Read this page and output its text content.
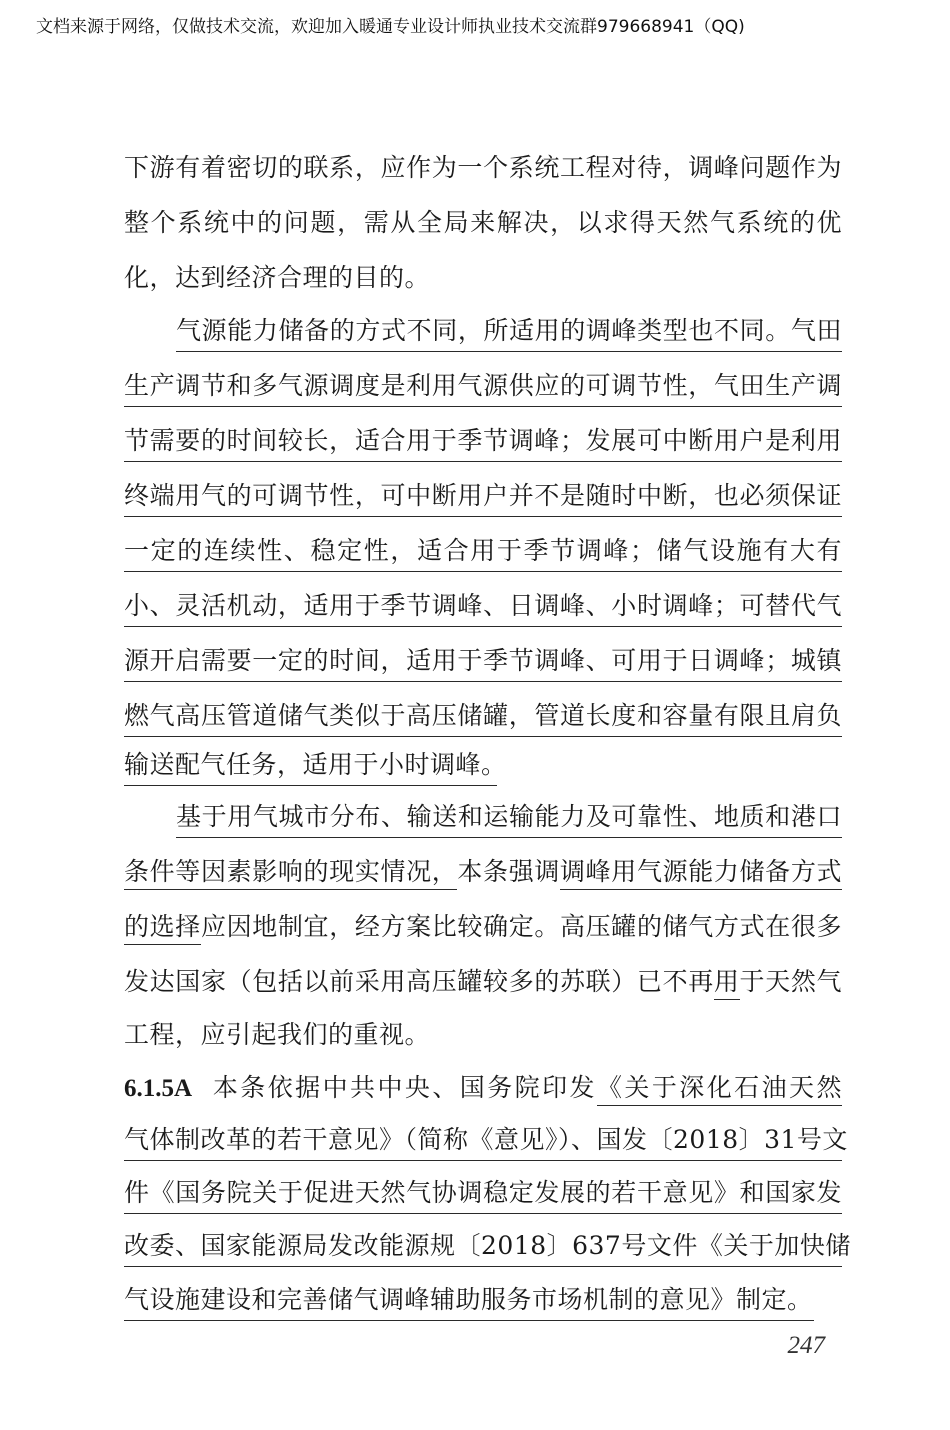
文档来源于网络，仅做技术交流，欢迎加入暖通专业设计师执业技术交流群979668941（QQ)
下游有着密切的联系，应作为一个系统工程对待，调峰问题作为
整个系统中的问题，需从全局来解决，以求得天然气系统的优
化，达到经济合理的目的。
气源能力储备的方式不同，所适用的调峰类型也不同。气田
生产调节和多气源调度是利用气源供应的可调节性，气田生产调
节需要的时间较长，适合用于季节调峰；发展可中断用户是利用
终端用气的可调节性，可中断用户并不是随时中断，也必须保证
一定的连续性、稳定性，适合用于季节调峰；储气设施有大有
小、灵活机动，适用于季节调峰、日调峰、小时调峰；可替代气
源开启需要一定的时间，适用于季节调峰、可用于日调峰；城镇
燃气高压管道储气类似于高压储罐，管道长度和容量有限且肩负
输送配气任务，适用于小时调峰。
基于用气城市分布、输送和运输能力及可靠性、地质和港口
条件等因素影响的现实情况，本条强调调峰用气源能力储备方式
的选择应因地制宜，经方案比较确定。高压罐的储气方式在很多
发达国家（包括以前采用高压罐较多的苏联）已不再用于天然气
工程，应引起我们的重视。
6.1.5A 本条依据中共中央、国务院印发《关于深化石油天然
气体制改革的若干意见》（简称《意见》）、国发〔2018〕31号文
件《国务院关于促进天然气协调稳定发展的若干意见》和国家发
改委、国家能源局发改能源规〔2018〕637号文件《关于加快储
气设施建设和完善储气调峰辅助服务市场机制的意见》制定。
247
